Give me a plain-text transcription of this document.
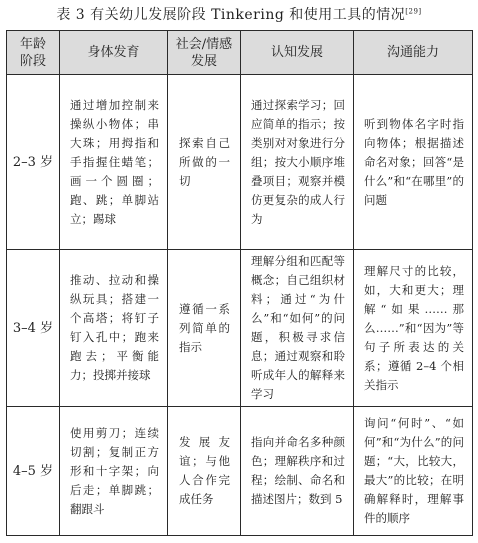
表 3 有关幼儿发展阶段 Tinkering 和使用工具的情况[29]
年龄阶段	身体发育	社会/情感发展	认知发展	沟通能力
2–3 岁	通过增加控制来操纵小物体；串大珠；用拇指和手指握住蜡笔；画一个圆圈；跑、跳；单脚站立；踢球	探索自己所做的一切	通过探索学习；回应简单的指示；按类别对对象进行分组；按大小顺序堆叠项目；观察并模仿更复杂的成人行为	听到物体名字时指向物体；根据描述命名对象；回答“是什么”和“在哪里”的问题
3–4 岁	推动、拉动和操纵玩具；搭建一个高塔；将钉子钉入孔中；跑来跑去；平衡能力；投掷并接球	遵循一系列简单的指示	理解分组和匹配等概念；自己组织材料；通过“为什么”和“如何”的问题，积极寻求信息；通过观察和聆听成年人的解释来学习	理解尺寸的比较，如，大和更大；理解“如果……那么……”和“因为”等句子所表达的关系；遵循 2–4 个相关指示
4–5 岁	使用剪刀；连续切割；复制正方形和十字架；向后走；单脚跳；翻跟斗	发展友谊；与他人合作完成任务	指向并命名多种颜色；理解秩序和过程；绘制、命名和描述图片；数到 5	询问“何时”、“如何”和“为什么”的问题；“大，比较大，最大”的比较；在明确解释时，理解事件的顺序
